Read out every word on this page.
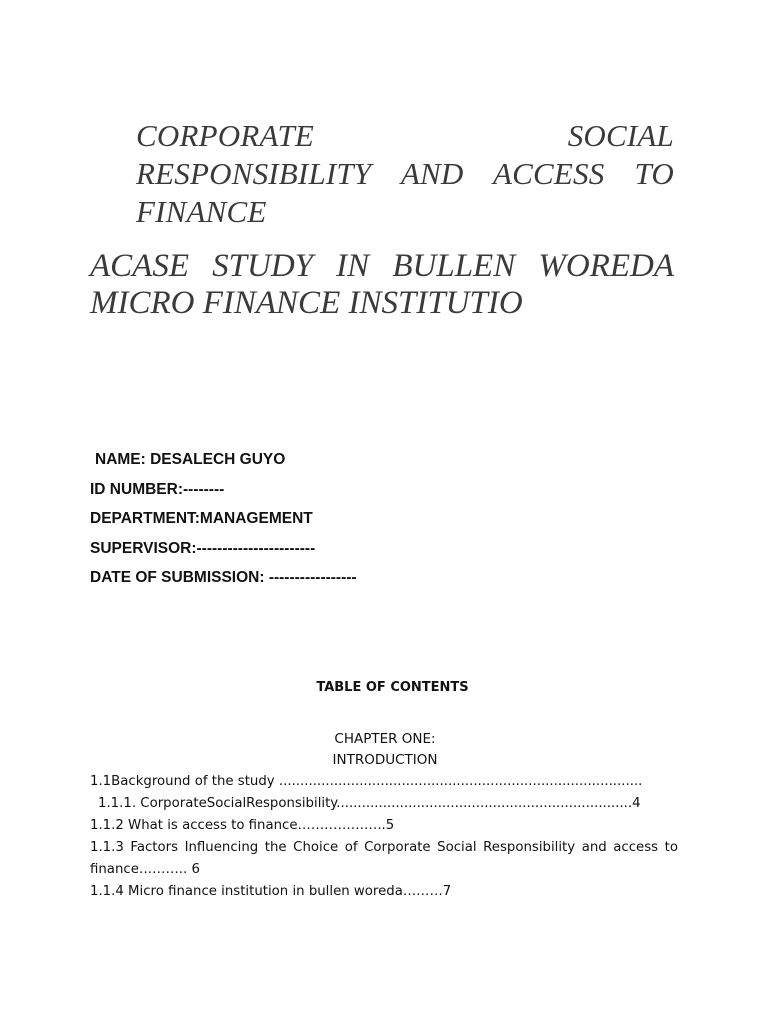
CORPORATE SOCIAL
RESPONSIBILITY AND ACCESS TO
FINANCE
ACASE STUDY IN BULLEN WOREDA
MICRO FINANCE INSTITUTIO
NAME: DESALECH GUYO
ID NUMBER:--------
DEPARTMENT:MANAGEMENT
SUPERVISOR:-----------------------
DATE OF SUBMISSION: -----------------
TABLE OF CONTENTS
CHAPTER ONE:
INTRODUCTION
1.1Background of the study ......................................................................................
1.1.1. CorporateSocialResponsibility......................................................................4
1.1.2 What is access to finance………………..5
1.1.3 Factors Influencing the Choice of Corporate Social Responsibility and access to finance……….. 6
1.1.4 Micro finance institution in bullen woreda………7
